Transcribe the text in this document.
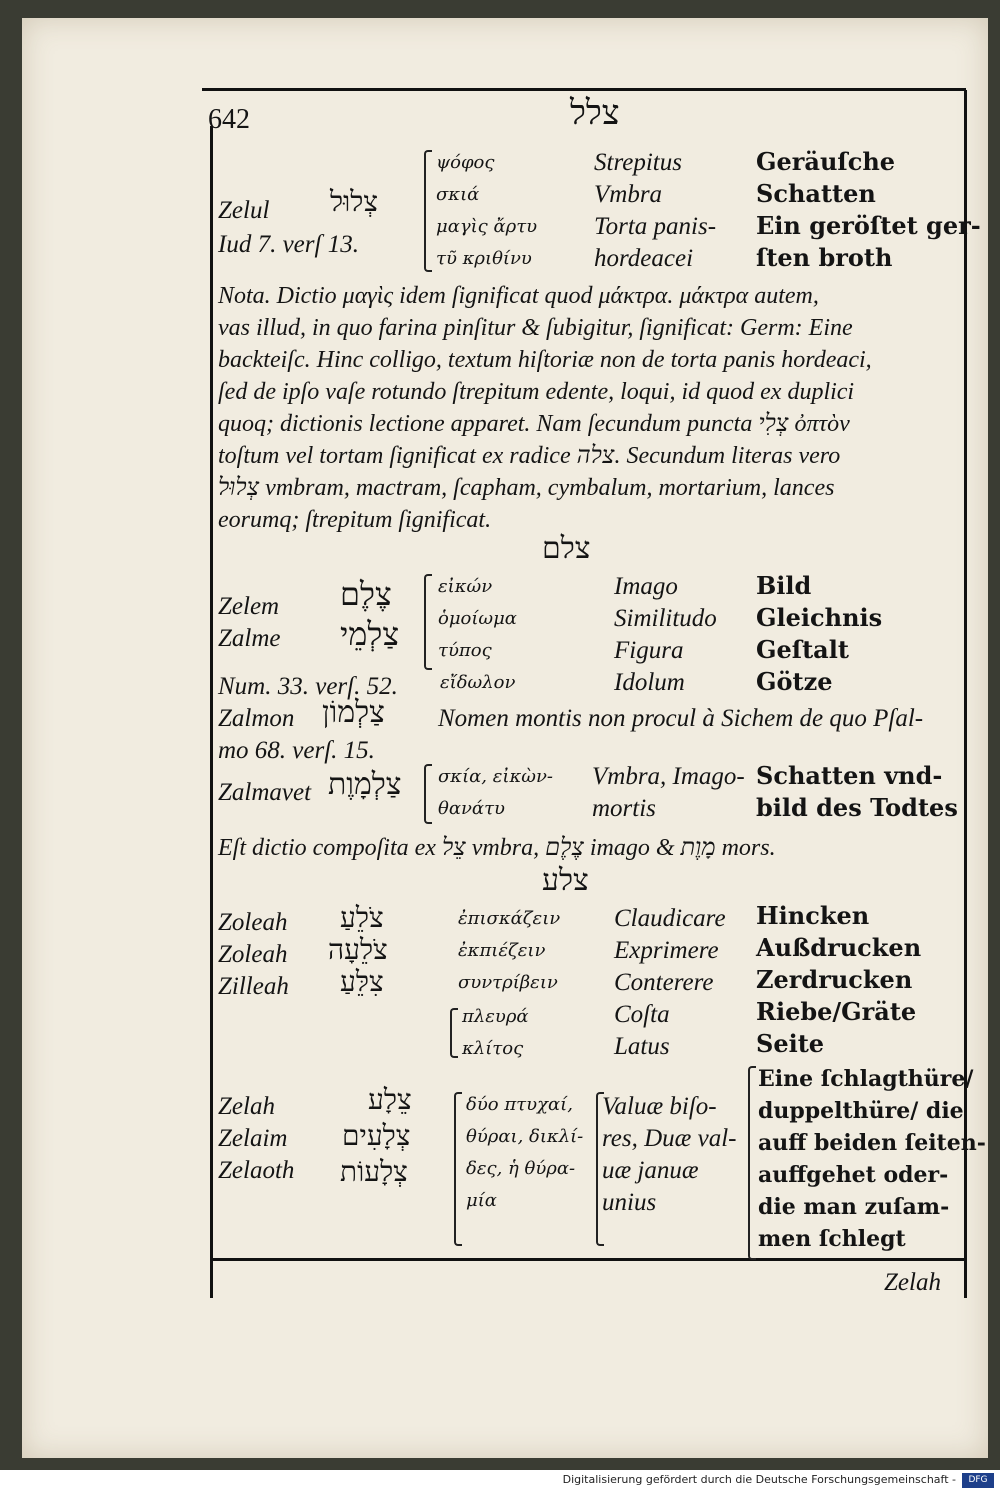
642	צלל
Zelul צְלוּל
Iud 7. verſ 13.
ψόφος
σκιά
μαγὶς ἄρτυ
τῦ κριθίνυ
Strepitus
Vmbra
Torta panis-
hordeacei
Geräuſche
Schatten
Ein geröſtet ger-
ſten broth
Nota. Dictio μαγὶς idem ſignificat quod μάκτρα. μάκτρα autem,
vas illud, in quo farina pinſitur & ſubigitur, ſignificat: Germ: Eine
backteiſc. Hinc colligo, textum hiſtoriæ non de torta panis hordeaci,
ſed de ipſo vaſe rotundo ſtrepitum edente, loqui, id quod ex duplici
quoq; dictionis lectione apparet. Nam ſecundum puncta צְלִי ὀπτὸν
toſtum vel tortam ſignificat ex radice צלה. Secundum literas vero
צְלוּל vmbram, mactram, ſcapham, cymbalum, mortarium, lances
eorumq; ſtrepitum ſignificat.
צלם
Zelem
Zalme
צֶלֶם
צַלְמֵי
εἰκών
ὁμοίωμα
τύπος
εἴδωλον
Num. 33. verſ. 52.
Imago
Similitudo
Figura
Idolum
Bild
Gleichnis
Geſtalt
Götze
Zalmon צַלְמוֹן Nomen montis non procul à Sichem de quo Pſal-
mo 68. verſ. 15.
Zalmavet צַלְמָוֶת σκία, εἰκὼν-
θανάτυ
Vmbra, Imago-
mortis
Schatten vnd-
bild des Todtes
Eſt dictio compoſita ex צֵל vmbra, צֶלֶם imago & מָוֶת mors.
צלע
Zoleah
Zoleah
Zilleah
צֹלֵעַ
צֹלֵעָה
צִלֵּעַ
ἐπισκάζειν
ἐκπιέζειν
συντρίβειν
πλευρά
κλίτος
Claudicare
Exprimere
Conterere
Coſta
Latus
Hincken
Außdrucken
Zerdrucken
Riebe/Gräte
Seite
Zelah
Zelaim
Zelaoth
צֵלָע
צְלָעִים
צְלָעוֹת
δύο πτυχαί,
θύραι, δικλί-
δες, ἡ θύρα-
μία
Valuæ biſo-
res, Duæ val-
uæ januæ
unius
Eine ſchlagthüre/
duppelthüre/ die
auff beiden ſeiten-
auffgehet oder-
die man zuſam-
men ſchlegt
Zelah
Digitalisierung gefördert durch die Deutsche Forschungsgemeinschaft -	DFG
